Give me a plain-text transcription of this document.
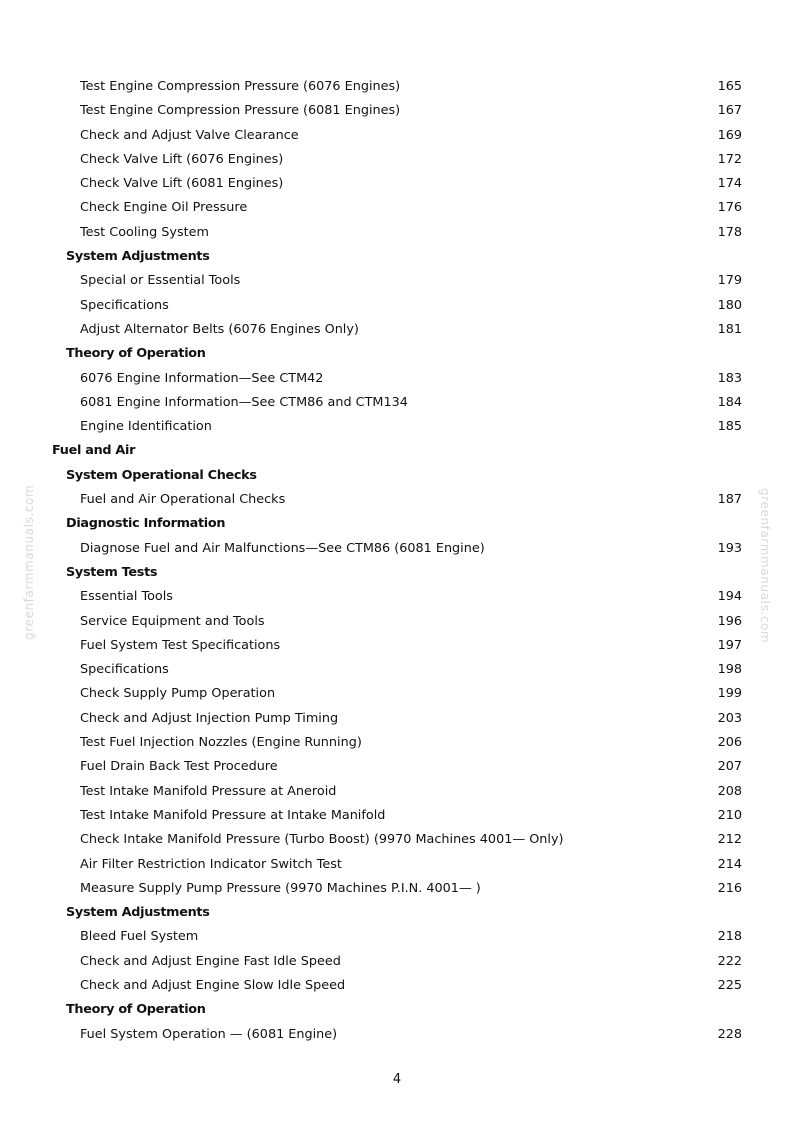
Test Engine Compression Pressure (6076 Engines)	165
Test Engine Compression Pressure (6081 Engines)	167
Check and Adjust Valve Clearance	169
Check Valve Lift (6076 Engines)	172
Check Valve Lift (6081 Engines)	174
Check Engine Oil Pressure	176
Test Cooling System	178
System Adjustments
Special or Essential Tools	179
Specifications	180
Adjust Alternator Belts (6076 Engines Only)	181
Theory of Operation
6076 Engine Information—See CTM42	183
6081 Engine Information—See CTM86 and CTM134	184
Engine Identification	185
Fuel and Air
System Operational Checks
Fuel and Air Operational Checks	187
Diagnostic Information
Diagnose Fuel and Air Malfunctions—See CTM86 (6081 Engine)	193
System Tests
Essential Tools	194
Service Equipment and Tools	196
Fuel System Test Specifications	197
Specifications	198
Check Supply Pump Operation	199
Check and Adjust Injection Pump Timing	203
Test Fuel Injection Nozzles (Engine Running)	206
Fuel Drain Back Test Procedure	207
Test Intake Manifold Pressure at Aneroid	208
Test Intake Manifold Pressure at Intake Manifold	210
Check Intake Manifold Pressure (Turbo Boost) (9970 Machines 4001— Only)	212
Air Filter Restriction Indicator Switch Test	214
Measure Supply Pump Pressure (9970 Machines P.I.N. 4001— )	216
System Adjustments
Bleed Fuel System	218
Check and Adjust Engine Fast Idle Speed	222
Check and Adjust Engine Slow Idle Speed	225
Theory of Operation
Fuel System Operation — (6081 Engine)	228
4
greenfarmmanuals.com	greenfarmmanuals.com
